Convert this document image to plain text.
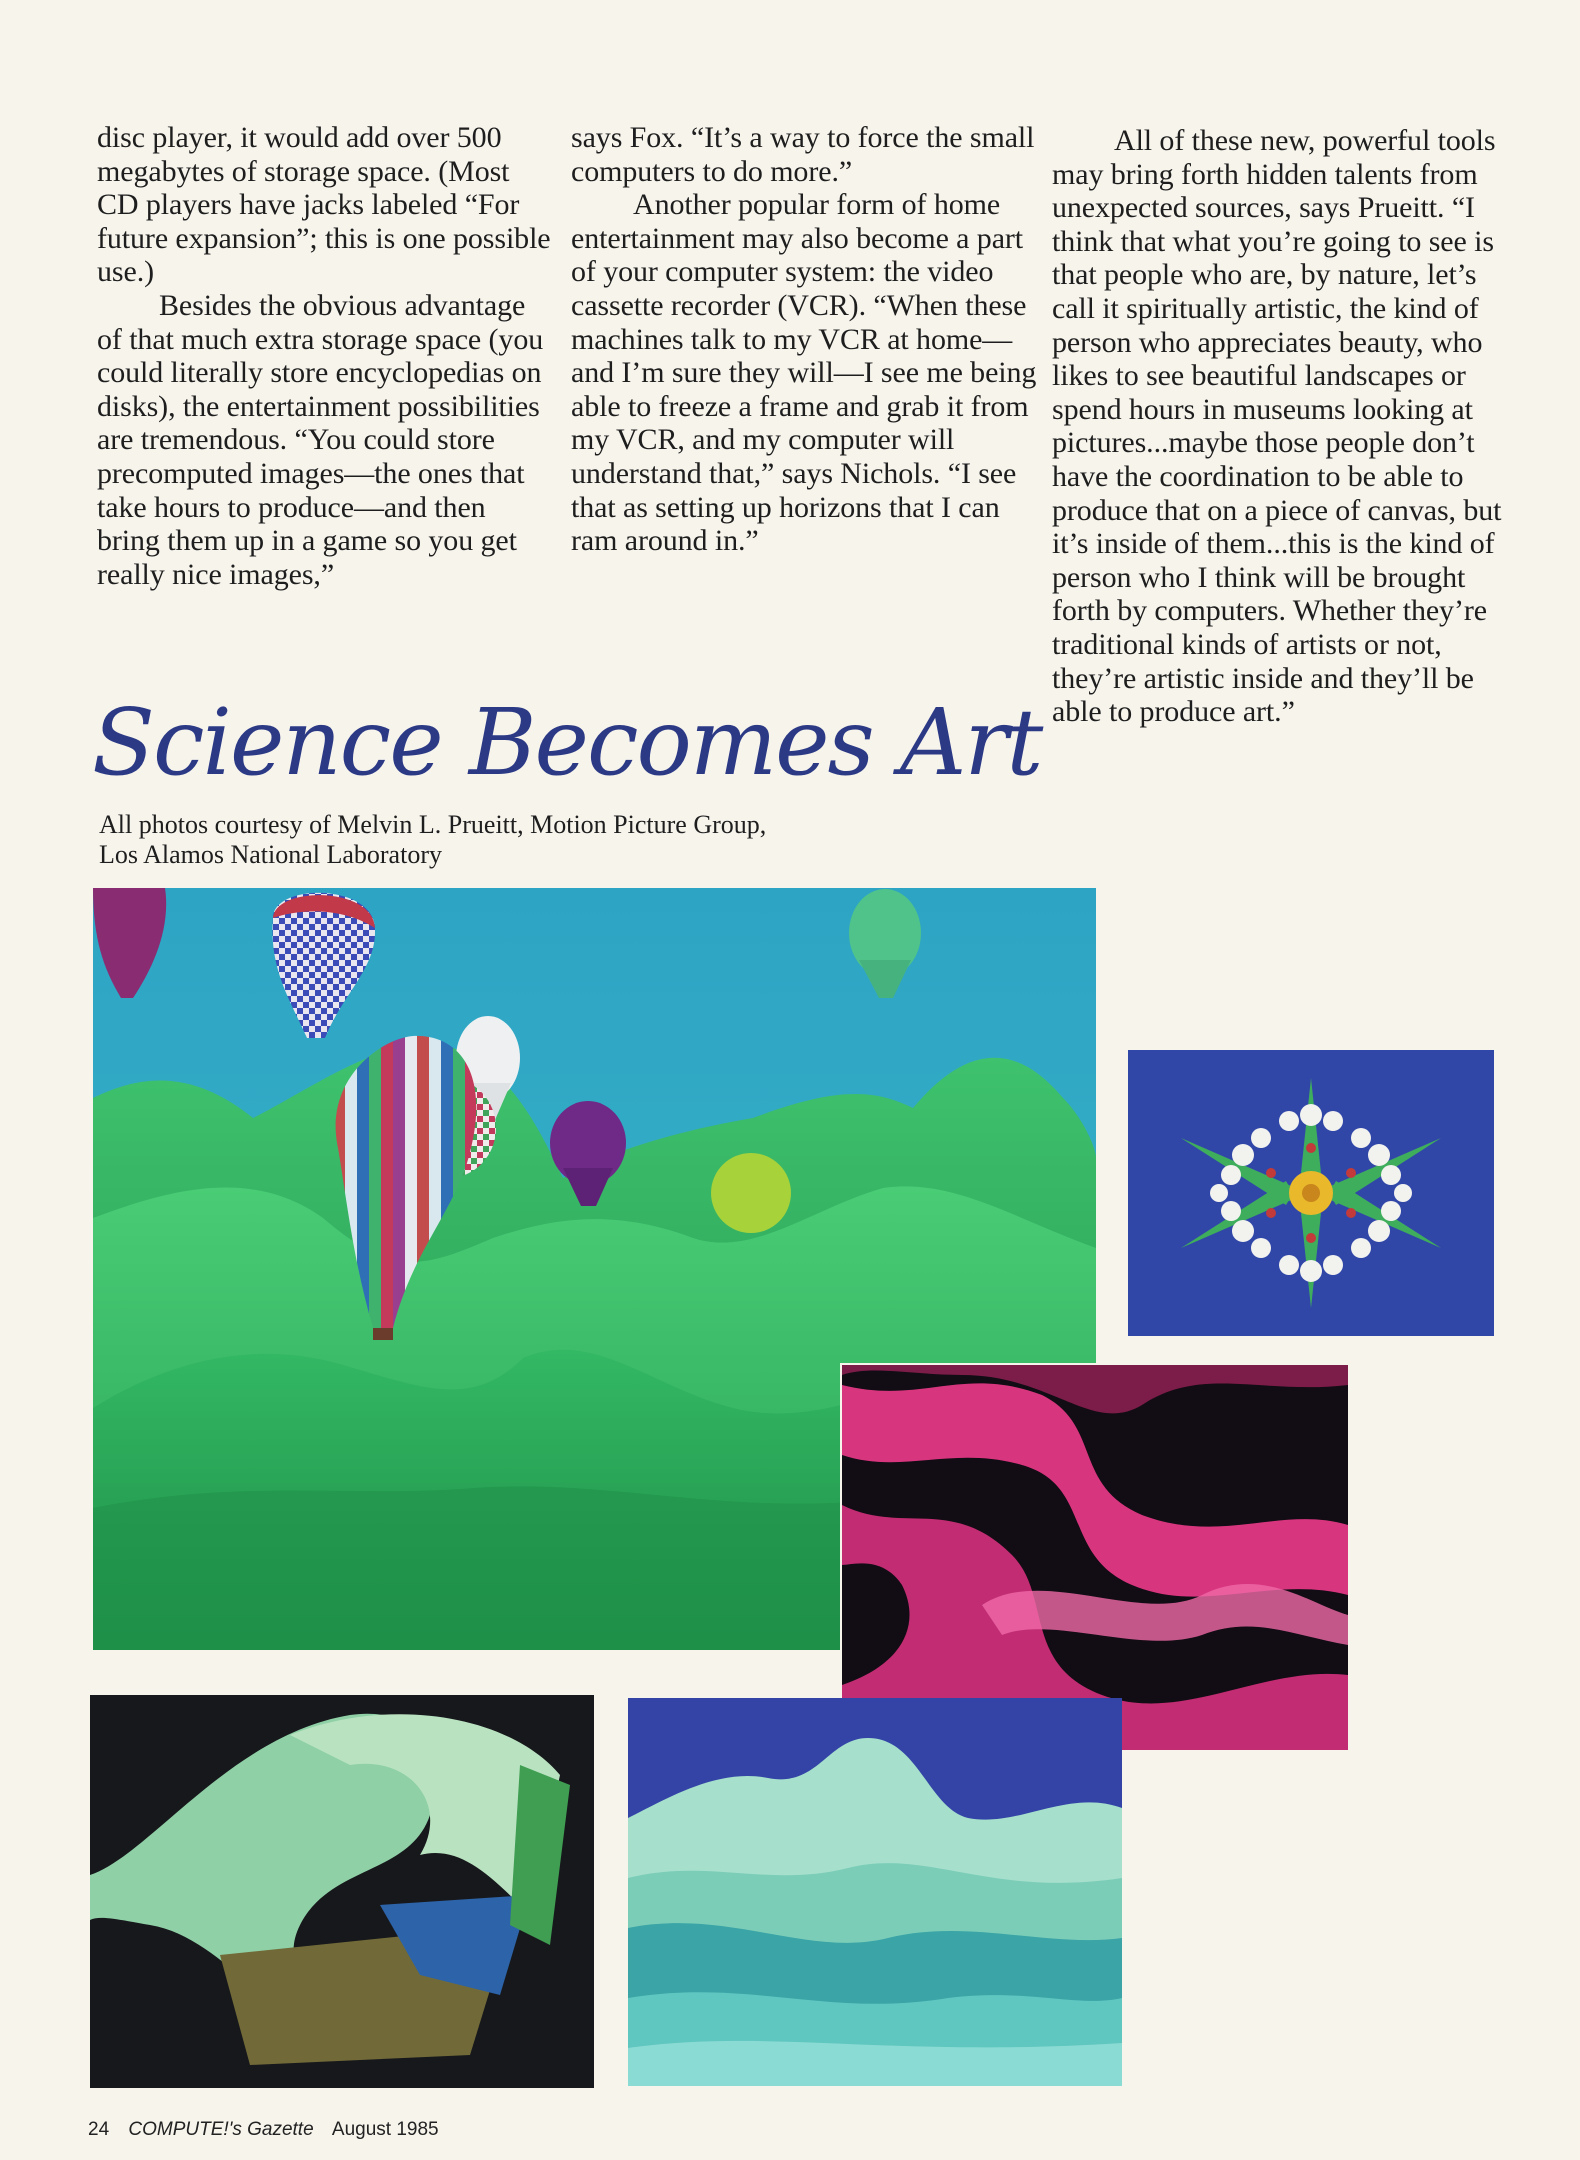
disc player, it would add over 500 megabytes of storage space. (Most CD players have jacks labeled “For future expansion”; this is one possible use.)

Besides the obvious advantage of that much extra storage space (you could literally store encyclopedias on disks), the entertainment possibilities are tremendous. “You could store precomputed images—the ones that take hours to produce—and then bring them up in a game so you get really nice images,”

says Fox. “It’s a way to force the small computers to do more.”

Another popular form of home entertainment may also become a part of your computer system: the video cassette recorder (VCR). “When these machines talk to my VCR at home—and I’m sure they will—I see me being able to freeze a frame and grab it from my VCR, and my computer will understand that,” says Nichols. “I see that as setting up horizons that I can ram around in.”

All of these new, powerful tools may bring forth hidden talents from unexpected sources, says Prueitt. “I think that what you’re going to see is that people who are, by nature, let’s call it spiritually artistic, the kind of person who appreciates beauty, who likes to see beautiful landscapes or spend hours in museums looking at pictures...maybe those people don’t have the coordination to be able to produce that on a piece of canvas, but it’s inside of them...this is the kind of person who I think will be brought forth by computers. Whether they’re traditional kinds of artists or not, they’re artistic inside and they’ll be able to produce art.”

Science Becomes Art
All photos courtesy of Melvin L. Prueitt, Motion Picture Group,
Los Alamos National Laboratory
24 COMPUTE!'s Gazette August 1985
